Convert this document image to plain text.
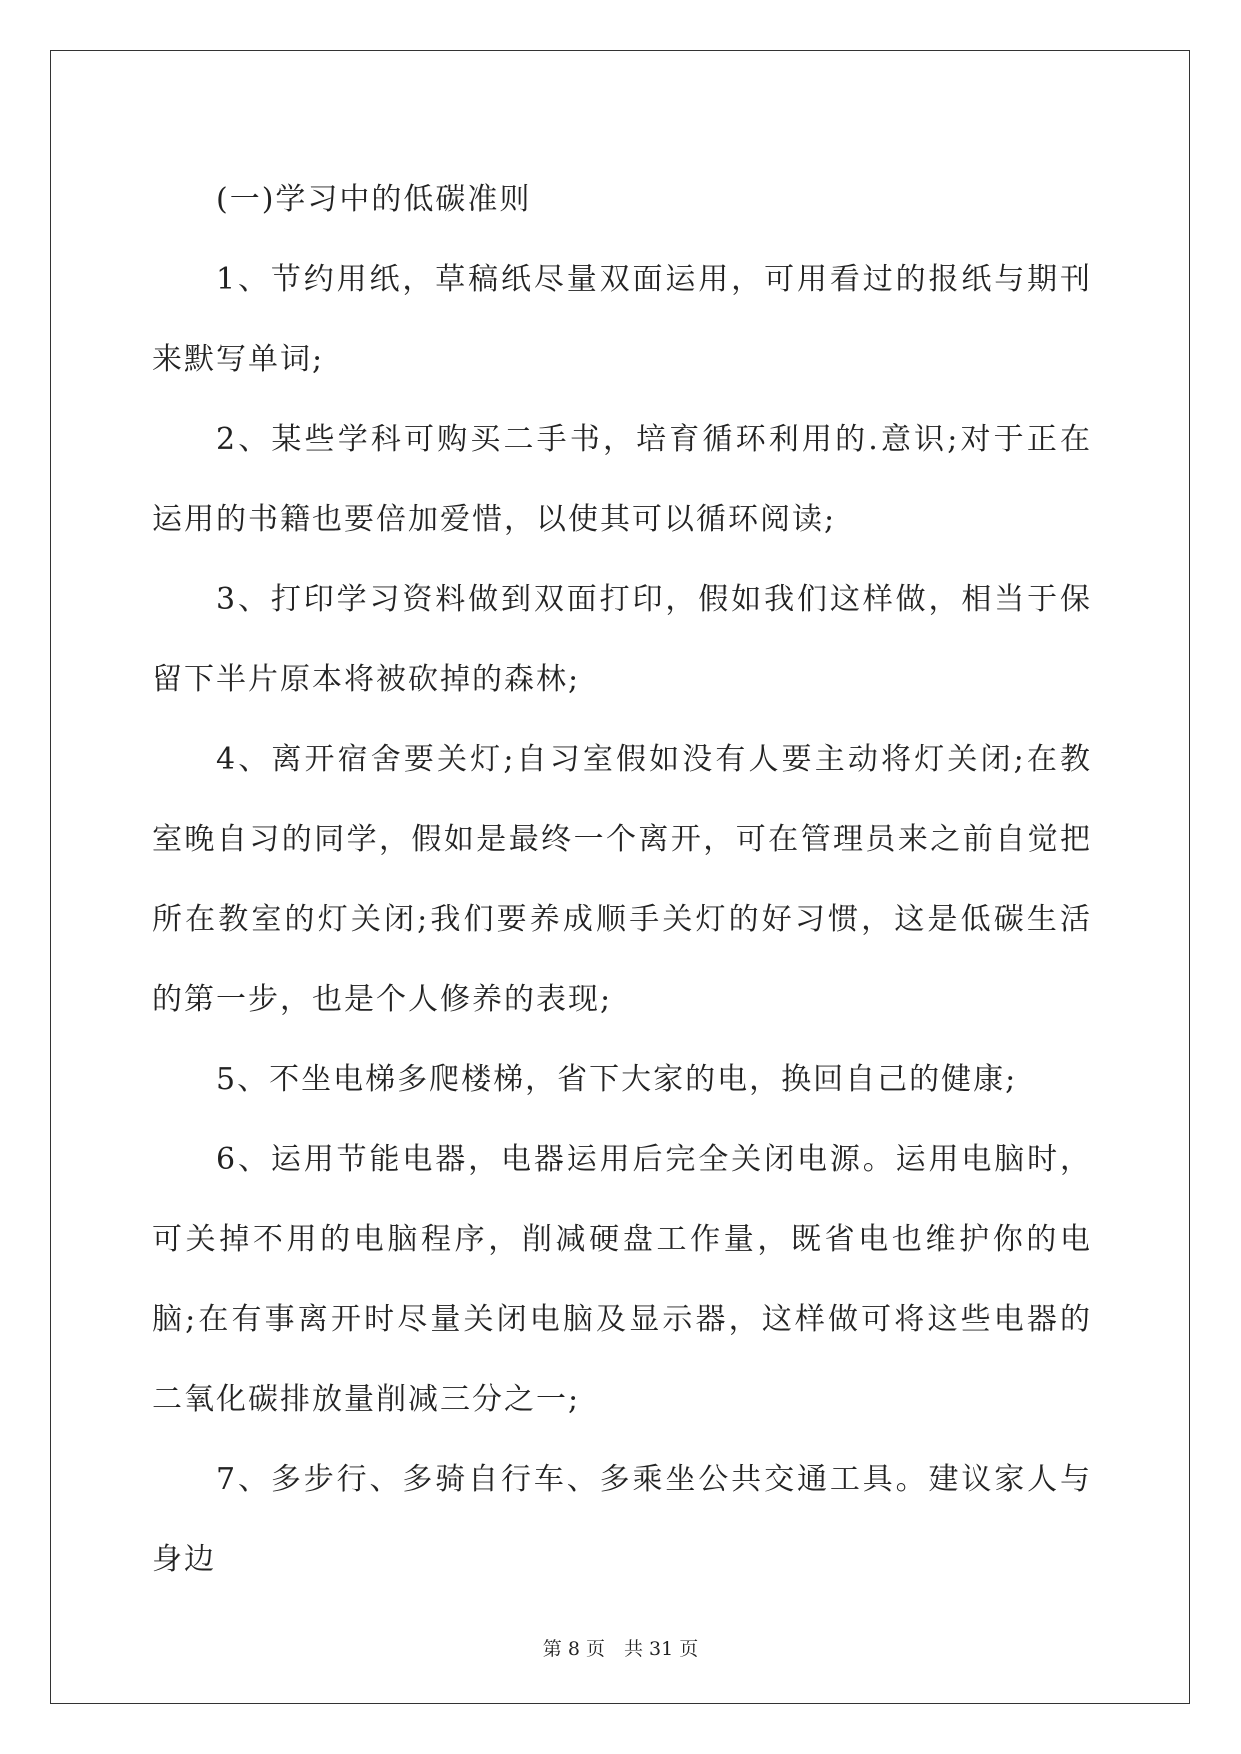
(一)学习中的低碳准则

1、节约用纸，草稿纸尽量双面运用，可用看过的报纸与期刊来默写单词;

2、某些学科可购买二手书，培育循环利用的.意识;对于正在运用的书籍也要倍加爱惜，以使其可以循环阅读;

3、打印学习资料做到双面打印，假如我们这样做，相当于保留下半片原本将被砍掉的森林;

4、离开宿舍要关灯;自习室假如没有人要主动将灯关闭;在教室晚自习的同学，假如是最终一个离开，可在管理员来之前自觉把所在教室的灯关闭;我们要养成顺手关灯的好习惯，这是低碳生活的第一步，也是个人修养的表现;

5、不坐电梯多爬楼梯，省下大家的电，换回自己的健康;

6、运用节能电器，电器运用后完全关闭电源。运用电脑时，可关掉不用的电脑程序，削减硬盘工作量，既省电也维护你的电脑;在有事离开时尽量关闭电脑及显示器，这样做可将这些电器的二氧化碳排放量削减三分之一;

7、多步行、多骑自行车、多乘坐公共交通工具。建议家人与身边

第 8 页　共 31 页
